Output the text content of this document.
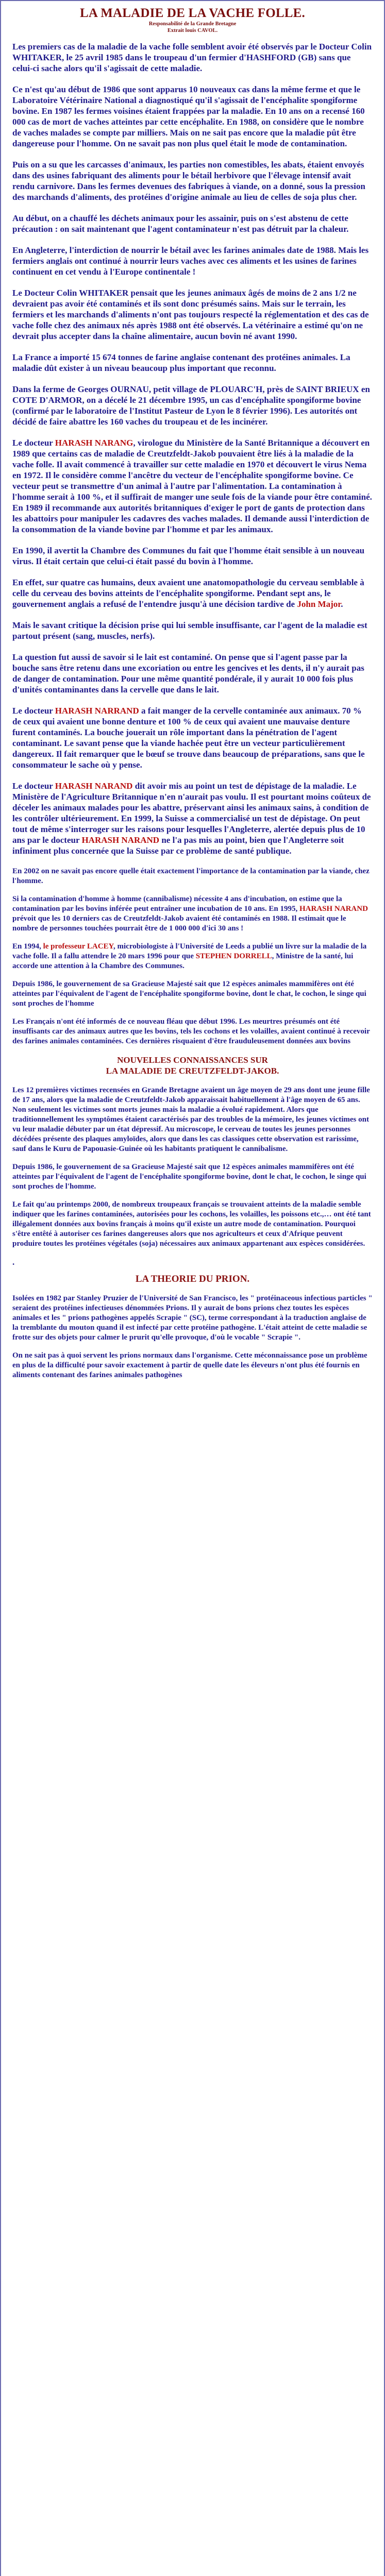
LA MALADIE DE LA VACHE FOLLE.
Responsabilité de la Grande Bretagne
Extrait louis CAVOL.

Les premiers cas de la maladie de la vache folle semblent avoir été observés par le Docteur Colin WHITAKER, le 25 avril 1985 dans le troupeau d'un fermier d'HASHFORD (GB) sans que celui-ci sache alors qu'il s'agissait de cette maladie.

Ce n'est qu'au début de 1986 que sont apparus 10 nouveaux cas dans la même ferme et que le Laboratoire Vétérinaire National a diagnostiqué qu'il s'agissait de l'encéphalite spongiforme bovine. En 1987 les fermes voisines étaient frappées par la maladie. En 10 ans on a recensé 160 000 cas de mort de vaches atteintes par cette encéphalite. En 1988, on considère que le nombre de vaches malades se compte par milliers. Mais on ne sait pas encore que la maladie pût être dangereuse pour l'homme. On ne savait pas non plus quel était le mode de contamination.

Puis on a su que les carcasses d'animaux, les parties non comestibles, les abats, étaient envoyés dans des usines fabriquant des aliments pour le bétail herbivore que l'élevage intensif avait rendu carnivore. Dans les fermes devenues des fabriques à viande, on a donné, sous la pression des marchands d'aliments, des protéines d'origine animale au lieu de celles de soja plus cher.

Au début, on a chauffé les déchets animaux pour les assainir, puis on s'est abstenu de cette précaution : on sait maintenant que l'agent contaminateur n'est pas détruit par la chaleur.

En Angleterre, l'interdiction de nourrir le bétail avec les farines animales date de 1988. Mais les fermiers anglais ont continué à nourrir leurs vaches avec ces aliments et les usines de farines continuent en cet vendu à l'Europe continentale !

Le Docteur Colin WHITAKER pensait que les jeunes animaux âgés de moins de 2 ans 1/2 ne devraient pas avoir été contaminés et ils sont donc présumés sains. Mais sur le terrain, les fermiers et les marchands d'aliments n'ont pas toujours respecté la réglementation et des cas de vache folle chez des animaux nés après 1988 ont été observés. La vétérinaire a estimé qu'on ne devrait plus accepter dans la chaîne alimentaire, aucun bovin né avant 1990.

La France a importé 15 674 tonnes de farine anglaise contenant des protéines animales. La maladie dût exister à un niveau beaucoup plus important que reconnu.

Dans la ferme de Georges OURNAU, petit village de PLOUARC'H, près de SAINT BRIEUX en COTE D'ARMOR, on a décelé le 21 décembre 1995, un cas d'encéphalite spongiforme bovine (confirmé par le laboratoire de l'Institut Pasteur de Lyon le 8 février 1996). Les autorités ont décidé de faire abattre les 160 vaches du troupeau et de les incinérer.

Le docteur HARASH NARANG, virologue du Ministère de la Santé Britannique a découvert en 1989 que certains cas de maladie de Creutzfeldt-Jakob pouvaient être liés à la maladie de la vache folle. Il avait commencé à travailler sur cette maladie en 1970 et découvert le virus Nema en 1972. Il le considère comme l'ancêtre du vecteur de l'encéphalite spongiforme bovine. Ce vecteur peut se transmettre d'un animal à l'autre par l'alimentation. La contamination à l'homme serait à 100 %, et il suffirait de manger une seule fois de la viande pour être contaminé. En 1989 il recommande aux autorités britanniques d'exiger le port de gants de protection dans les abattoirs pour manipuler les cadavres des vaches malades. Il demande aussi l'interdiction de la consommation de la viande bovine par l'homme et par les animaux.

En 1990, il avertit la Chambre des Communes du fait que l'homme était sensible à un nouveau virus. Il était certain que celui-ci était passé du bovin à l'homme.

En effet, sur quatre cas humains, deux avaient une anatomopathologie du cerveau semblable à celle du cerveau des bovins atteints de l'encéphalite spongiforme. Pendant sept ans, le gouvernement anglais a refusé de l'entendre jusqu'à une décision tardive de John Major.

Mais le savant critique la décision prise qui lui semble insuffisante, car l'agent de la maladie est partout présent (sang, muscles, nerfs).

La question fut aussi de savoir si le lait est contaminé. On pense que si l'agent passe par la bouche sans être retenu dans une excoriation ou entre les gencives et les dents, il n'y aurait pas de danger de contamination. Pour une même quantité pondérale, il y aurait 10 000 fois plus d'unités contaminantes dans la cervelle que dans le lait.

Le docteur HARASH NARRAND a fait manger de la cervelle contaminée aux animaux. 70 % de ceux qui avaient une bonne denture et 100 % de ceux qui avaient une mauvaise denture furent contaminés. La bouche jouerait un rôle important dans la pénétration de l'agent contaminant. Le savant pense que la viande hachée peut être un vecteur particulièrement dangereux. Il fait remarquer que le bœuf se trouve dans beaucoup de préparations, sans que le consommateur le sache où y pense.

Le docteur HARASH NARAND dit avoir mis au point un test de dépistage de la maladie. Le Ministère de l'Agriculture Britannique n'en n'aurait pas voulu. Il est pourtant moins coûteux de déceler les animaux malades pour les abattre, préservant ainsi les animaux sains, à condition de les contrôler ultérieurement. En 1999, la Suisse a commercialisé un test de dépistage. On peut tout de même s'interroger sur les raisons pour lesquelles l'Angleterre, alertée depuis plus de 10 ans par le docteur HARASH NARAND ne l'a pas mis au point, bien que l'Angleterre soit infiniment plus concernée que la Suisse par ce problème de santé publique.

En 2002 on ne savait pas encore quelle était exactement l'importance de la contamination par la viande, chez l'homme.

Si la contamination d'homme à homme (cannibalisme) nécessite 4 ans d'incubation, on estime que la contamination par les bovins inférée peut entraîner une incubation de 10 ans. En 1995, HARASH NARAND prévoit que les 10 derniers cas de Creutzfeldt-Jakob avaient été contaminés en 1988. Il estimait que le nombre de personnes touchées pourrait être de 1 000 000 d'ici 30 ans !

En 1994, le professeur LACEY, microbiologiste à l'Université de Leeds a publié un livre sur la maladie de la vache folle. Il a fallu attendre le 20 mars 1996 pour que STEPHEN DORRELL, Ministre de la santé, lui accorde une attention à la Chambre des Communes.

Depuis 1986, le gouvernement de sa Gracieuse Majesté sait que 12 espèces animales mammifères ont été atteintes par l'équivalent de l'agent de l'encéphalite spongiforme bovine, dont le chat, le cochon, le singe qui sont proches de l'homme

Les Français n'ont été informés de ce nouveau fléau que début 1996. Les meurtres présumés ont été insuffisants car des animaux autres que les bovins, tels les cochons et les volailles, avaient continué à recevoir des farines animales contaminées. Ces dernières risquaient d'être frauduleusement données aux bovins

NOUVELLES CONNAISSANCES SUR
LA MALADIE DE CREUTZFELDT-JAKOB.

Les 12 premières victimes recensées en Grande Bretagne avaient un âge moyen de 29 ans dont une jeune fille de 17 ans, alors que la maladie de Creutzfeldt-Jakob apparaissait habituellement à l'âge moyen de 65 ans. Non seulement les victimes sont morts jeunes mais la maladie a évolué rapidement. Alors que traditionnellement les symptômes étaient caractérisés par des troubles de la mémoire, les jeunes victimes ont vu leur maladie débuter par un état dépressif. Au microscope, le cerveau de toutes les jeunes personnes décédées présente des plaques amyloïdes, alors que dans les cas classiques cette observation est rarissime, sauf dans le Kuru de Papouasie-Guinée où les habitants pratiquent le cannibalisme.

Depuis 1986, le gouvernement de sa Gracieuse Majesté sait que 12 espèces animales mammifères ont été atteintes par l'équivalent de l'agent de l'encéphalite spongiforme bovine, dont le chat, le cochon, le singe qui sont proches de l'homme.

Le fait qu'au printemps 2000, de nombreux troupeaux français se trouvaient atteints de la maladie semble indiquer que les farines contaminées, autorisées pour les cochons, les volailles, les poissons etc.,… ont été tant illégalement données aux bovins français à moins qu'il existe un autre mode de contamination. Pourquoi s'être entêté à autoriser ces farines dangereuses alors que nos agriculteurs et ceux d'Afrique peuvent produire toutes les protéines végétales (soja) nécessaires aux animaux appartenant aux espèces considérées.

.
LA THEORIE DU PRION.

Isolées en 1982 par Stanley Pruzier de l'Université de San Francisco, les " protéinaceous infectious particles " seraient des protéines infectieuses dénommées Prions. Il y aurait de bons prions chez toutes les espèces animales et les " prions pathogènes appelés Scrapie " (SC), terme correspondant à la traduction anglaise de la tremblante du mouton quand il est infecté par cette protéine pathogène. L'était atteint de cette maladie se frotte sur des objets pour calmer le prurit qu'elle provoque, d'où le vocable " Scrapie ".

On ne sait pas à quoi servent les prions normaux dans l'organisme. Cette méconnaissance pose un problème en plus de la difficulté pour savoir exactement à partir de quelle date les éleveurs n'ont plus été fournis en aliments contenant des farines animales pathogènes
